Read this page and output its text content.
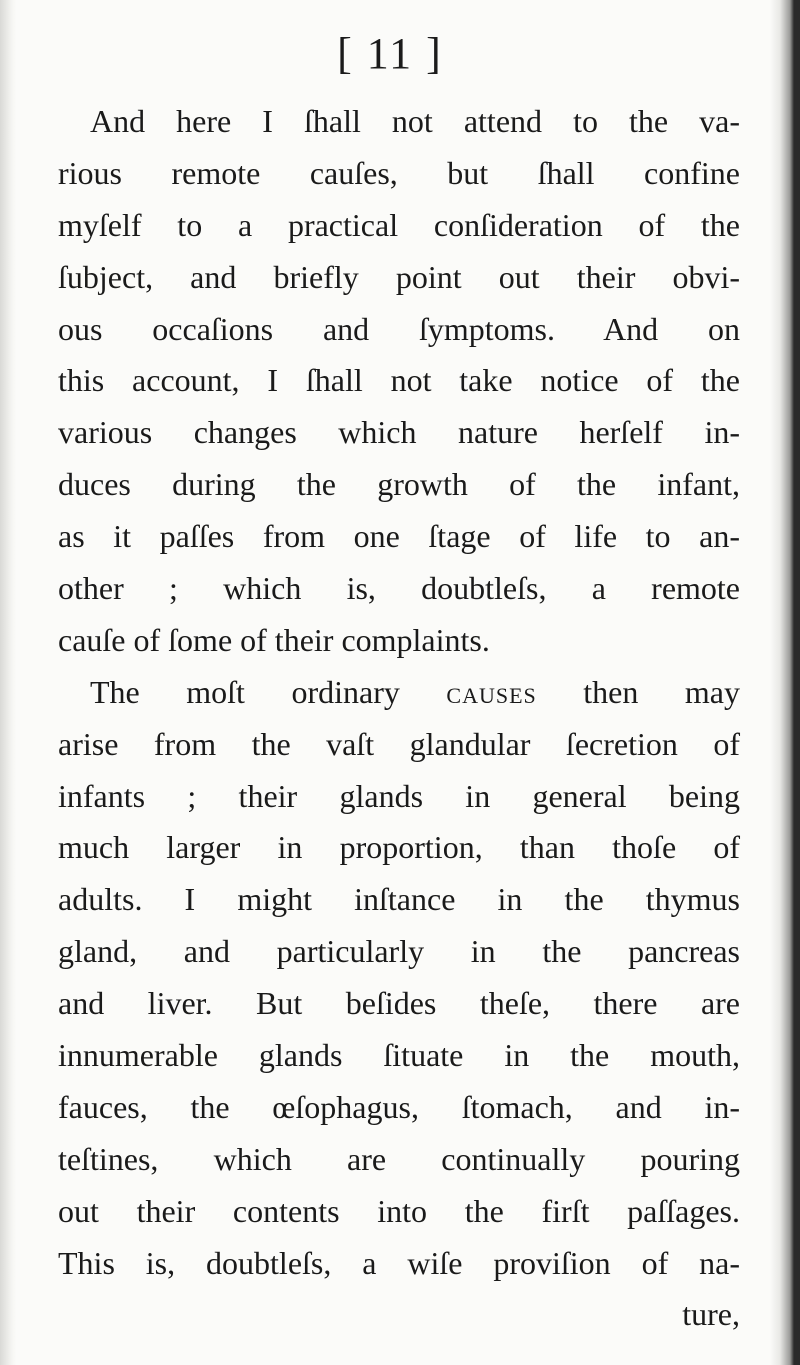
[ 11 ]
And here I ſhall not attend to the va-
rious remote cauſes, but ſhall confine
myſelf to a practical conſideration of the
ſubject, and briefly point out their obvi-
ous occaſions and ſymptoms. And on
this account, I ſhall not take notice of the
various changes which nature herſelf in-
duces during the growth of the infant,
as it paſſes from one ſtage of life to an-
other ; which is, doubtleſs, a remote
cauſe of ſome of their complaints.
The moſt ordinary causes then may
arise from the vaſt glandular ſecretion of
infants ; their glands in general being
much larger in proportion, than thoſe of
adults. I might inſtance in the thymus
gland, and particularly in the pancreas
and liver. But beſides theſe, there are
innumerable glands ſituate in the mouth,
fauces, the œſophagus, ſtomach, and in-
teſtines, which are continually pouring
out their contents into the firſt paſſages.
This is, doubtleſs, a wiſe proviſion of na-
ture,
